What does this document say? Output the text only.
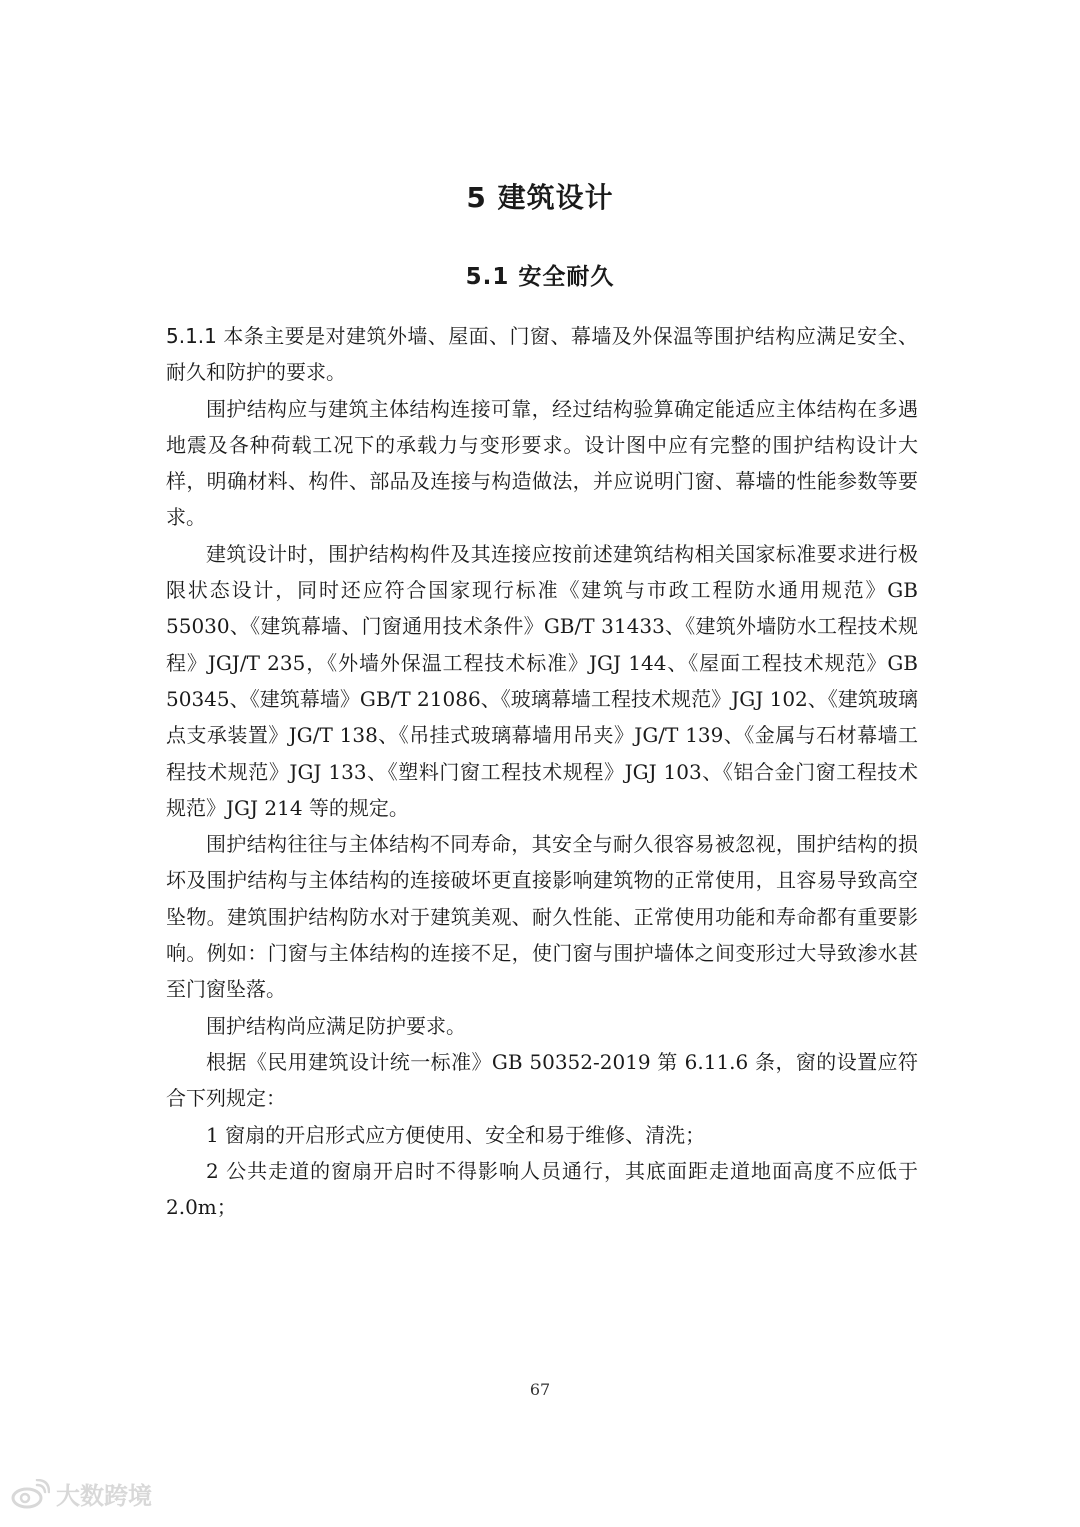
5 建筑设计
5.1 安全耐久

5.1.1 本条主要是对建筑外墙、屋面、门窗、幕墙及外保温等围护结构应满足安全、耐久和防护的要求。

围护结构应与建筑主体结构连接可靠，经过结构验算确定能适应主体结构在多遇地震及各种荷载工况下的承载力与变形要求。设计图中应有完整的围护结构设计大样，明确材料、构件、部品及连接与构造做法，并应说明门窗、幕墙的性能参数等要求。

建筑设计时，围护结构构件及其连接应按前述建筑结构相关国家标准要求进行极限状态设计，同时还应符合国家现行标准《建筑与市政工程防水通用规范》GB 55030、《建筑幕墙、门窗通用技术条件》GB/T 31433、《建筑外墙防水工程技术规程》JGJ/T 235，《外墙外保温工程技术标准》JGJ 144、《屋面工程技术规范》GB 50345、《建筑幕墙》GB/T 21086、《玻璃幕墙工程技术规范》JGJ 102、《建筑玻璃点支承装置》JG/T 138、《吊挂式玻璃幕墙用吊夹》JG/T 139、《金属与石材幕墙工程技术规范》JGJ 133、《塑料门窗工程技术规程》JGJ 103、《铝合金门窗工程技术规范》JGJ 214 等的规定。

围护结构往往与主体结构不同寿命，其安全与耐久很容易被忽视，围护结构的损坏及围护结构与主体结构的连接破坏更直接影响建筑物的正常使用，且容易导致高空坠物。建筑围护结构防水对于建筑美观、耐久性能、正常使用功能和寿命都有重要影响。例如：门窗与主体结构的连接不足，使门窗与围护墙体之间变形过大导致渗水甚至门窗坠落。

围护结构尚应满足防护要求。

根据《民用建筑设计统一标准》GB 50352-2019 第 6.11.6 条，窗的设置应符合下列规定：

1 窗扇的开启形式应方便使用、安全和易于维修、清洗；

2 公共走道的窗扇开启时不得影响人员通行，其底面距走道地面高度不应低于 2.0m；

67
大数跨境
